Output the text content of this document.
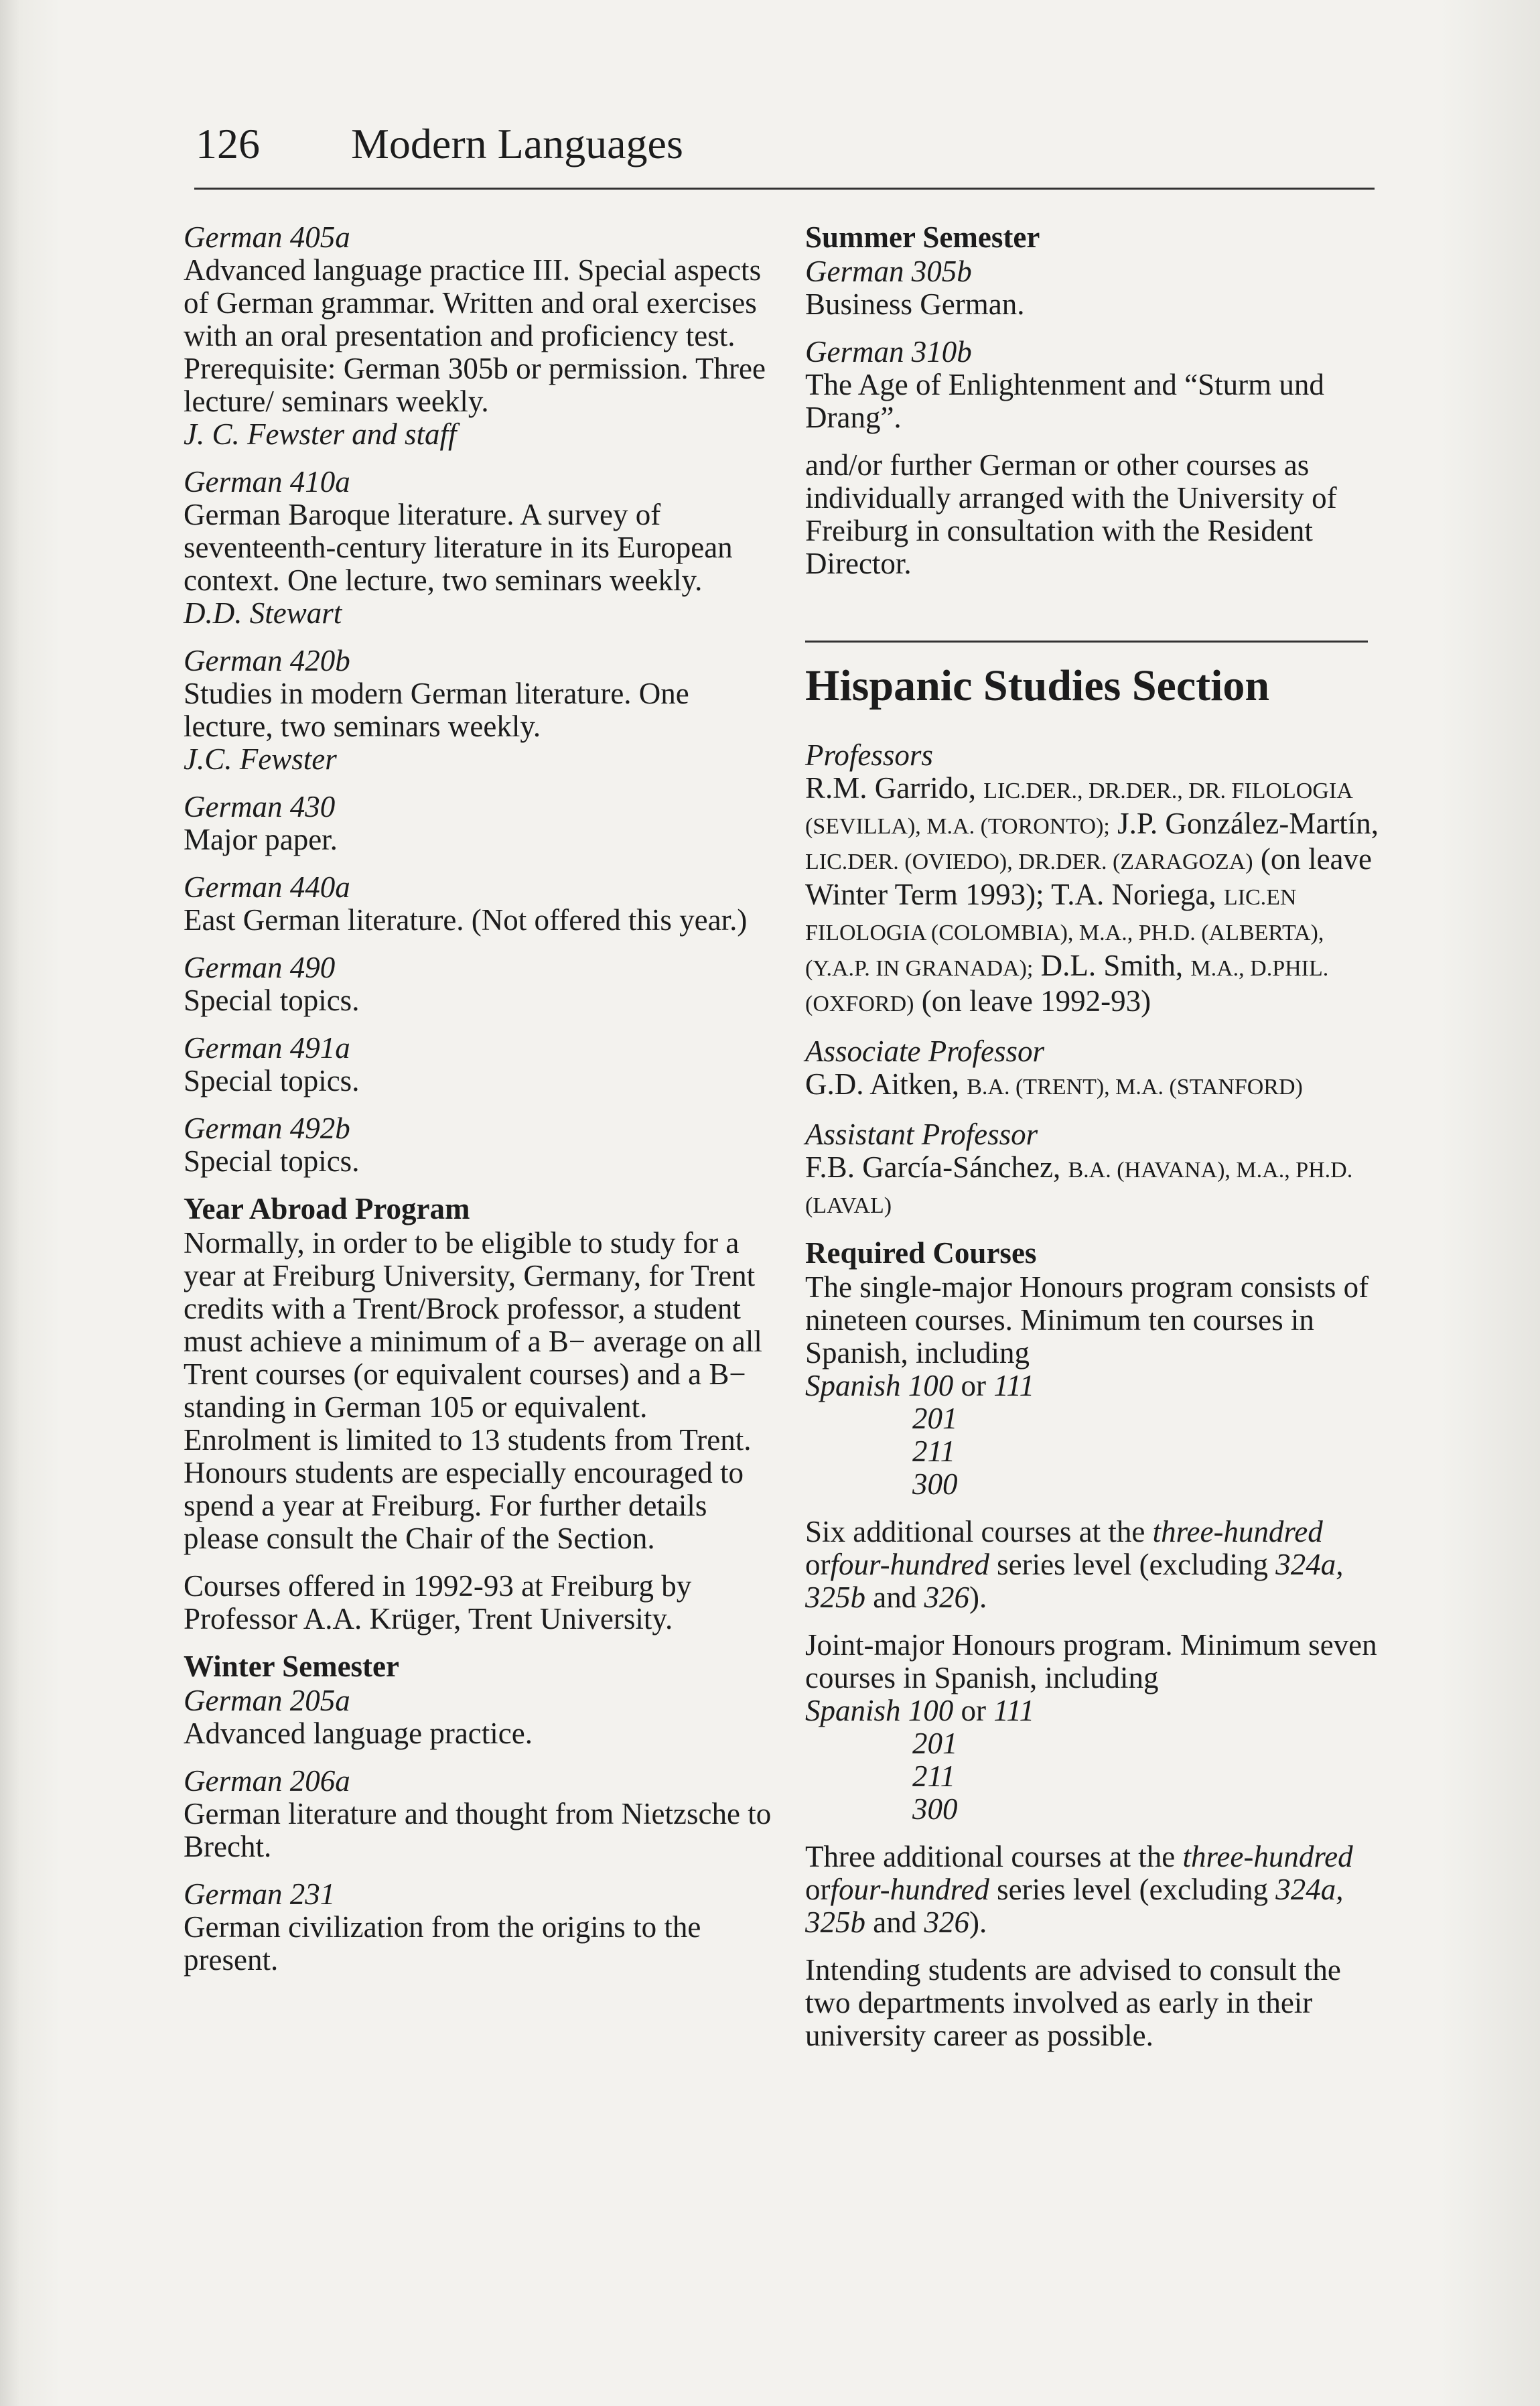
126 Modern Languages
German 405a
Advanced language practice III. Special aspects of German grammar. Written and oral exercises with an oral presentation and proficiency test. Prerequisite: German 305b or permission. Three lecture/ seminars weekly.
J. C. Fewster and staff
German 410a
German Baroque literature. A survey of seventeenth-century literature in its European context. One lecture, two seminars weekly.
D.D. Stewart
German 420b
Studies in modern German literature. One lecture, two seminars weekly.
J.C. Fewster
German 430
Major paper.
German 440a
East German literature. (Not offered this year.)
German 490
Special topics.
German 491a
Special topics.
German 492b
Special topics.
Year Abroad Program
Normally, in order to be eligible to study for a year at Freiburg University, Germany, for Trent credits with a Trent/Brock professor, a student must achieve a minimum of a B− average on all Trent courses (or equivalent courses) and a B− standing in German 105 or equivalent. Enrolment is limited to 13 students from Trent. Honours students are especially encouraged to spend a year at Freiburg. For further details please consult the Chair of the Section.
Courses offered in 1992-93 at Freiburg by Professor A.A. Krüger, Trent University.
Winter Semester
German 205a
Advanced language practice.
German 206a
German literature and thought from Nietzsche to Brecht.
German 231
German civilization from the origins to the present.
Summer Semester
German 305b
Business German.
German 310b
The Age of Enlightenment and “Sturm und Drang”.
and/or further German or other courses as individually arranged with the University of Freiburg in consultation with the Resident Director.
Hispanic Studies Section
Professors
R.M. Garrido, LIC.DER., DR.DER., DR. FILOLOGIA (SEVILLA), M.A. (TORONTO); J.P. González-Martín, LIC.DER. (OVIEDO), DR.DER. (ZARAGOZA) (on leave Winter Term 1993); T.A. Noriega, LIC.EN FILOLOGIA (COLOMBIA), M.A., PH.D. (ALBERTA), (Y.A.P. IN GRANADA); D.L. Smith, M.A., D.PHIL. (OXFORD) (on leave 1992-93)
Associate Professor
G.D. Aitken, B.A. (TRENT), M.A. (STANFORD)
Assistant Professor
F.B. García-Sánchez, B.A. (HAVANA), M.A., PH.D. (LAVAL)
Required Courses
The single-major Honours program consists of nineteen courses. Minimum ten courses in Spanish, including
Spanish 100 or 111
201
211
300
Six additional courses at the three-hundred orfour-hundred series level (excluding 324a, 325b and 326).
Joint-major Honours program. Minimum seven courses in Spanish, including
Spanish 100 or 111
201
211
300
Three additional courses at the three-hundred orfour-hundred series level (excluding 324a, 325b and 326).
Intending students are advised to consult the two departments involved as early in their university career as possible.
